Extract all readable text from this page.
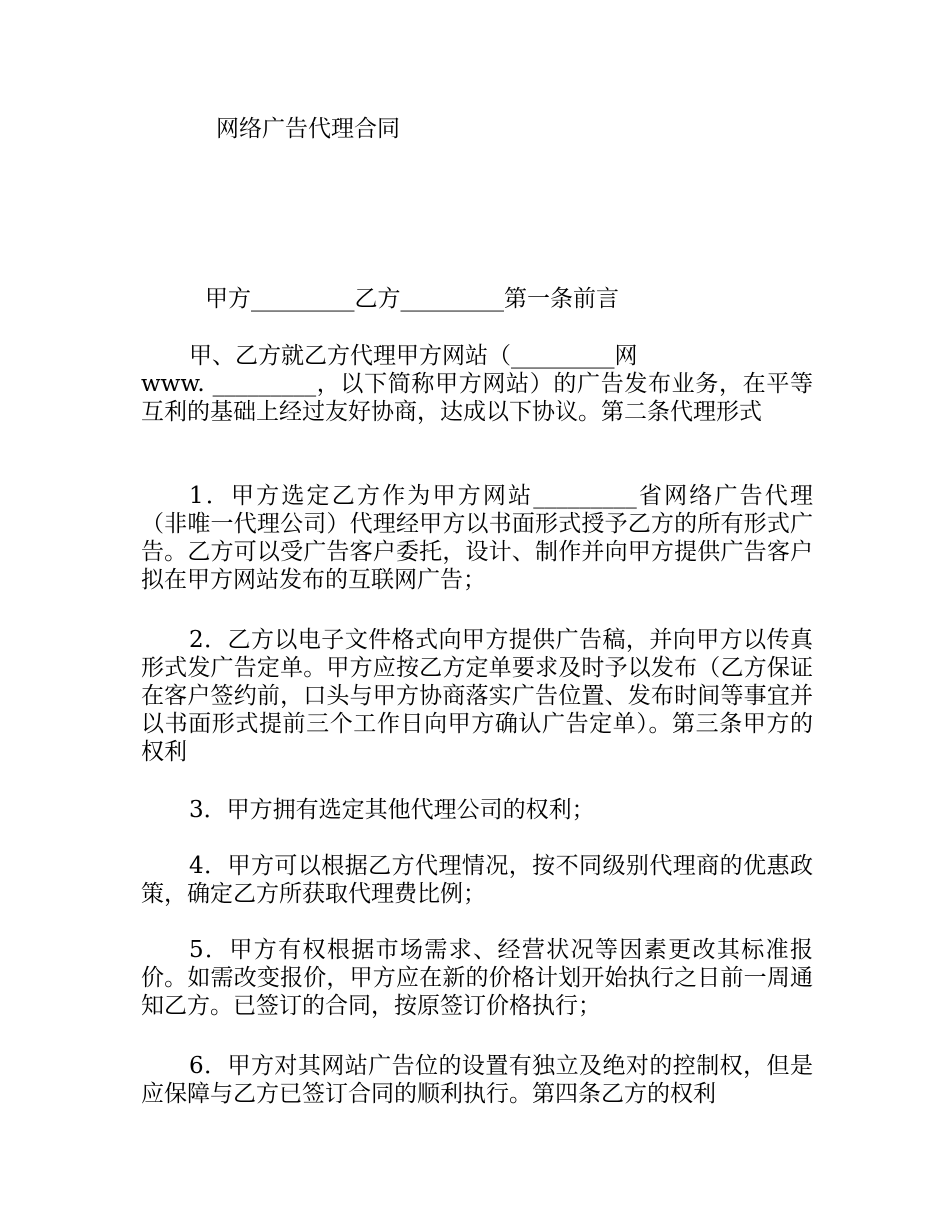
网络广告代理合同
甲方_________乙方_________第一条前言

甲、乙方就乙方代理甲方网站（_________网
www. _________，以下简称甲方网站）的广告发布业务，在平等互利的基础上经过友好协商，达成以下协议。第二条代理形式

1．甲方选定乙方作为甲方网站_________省网络广告代理（非唯一代理公司）代理经甲方以书面形式授予乙方的所有形式广告。乙方可以受广告客户委托，设计、制作并向甲方提供广告客户拟在甲方网站发布的互联网广告；

2．乙方以电子文件格式向甲方提供广告稿，并向甲方以传真形式发广告定单。甲方应按乙方定单要求及时予以发布（乙方保证在客户签约前，口头与甲方协商落实广告位置、发布时间等事宜并以书面形式提前三个工作日向甲方确认广告定单）。第三条甲方的权利

3．甲方拥有选定其他代理公司的权利；

4．甲方可以根据乙方代理情况，按不同级别代理商的优惠政策，确定乙方所获取代理费比例；

5．甲方有权根据市场需求、经营状况等因素更改其标准报价。如需改变报价，甲方应在新的价格计划开始执行之日前一周通知乙方。已签订的合同，按原签订价格执行；

6．甲方对其网站广告位的设置有独立及绝对的控制权，但是应保障与乙方已签订合同的顺利执行。第四条乙方的权利
